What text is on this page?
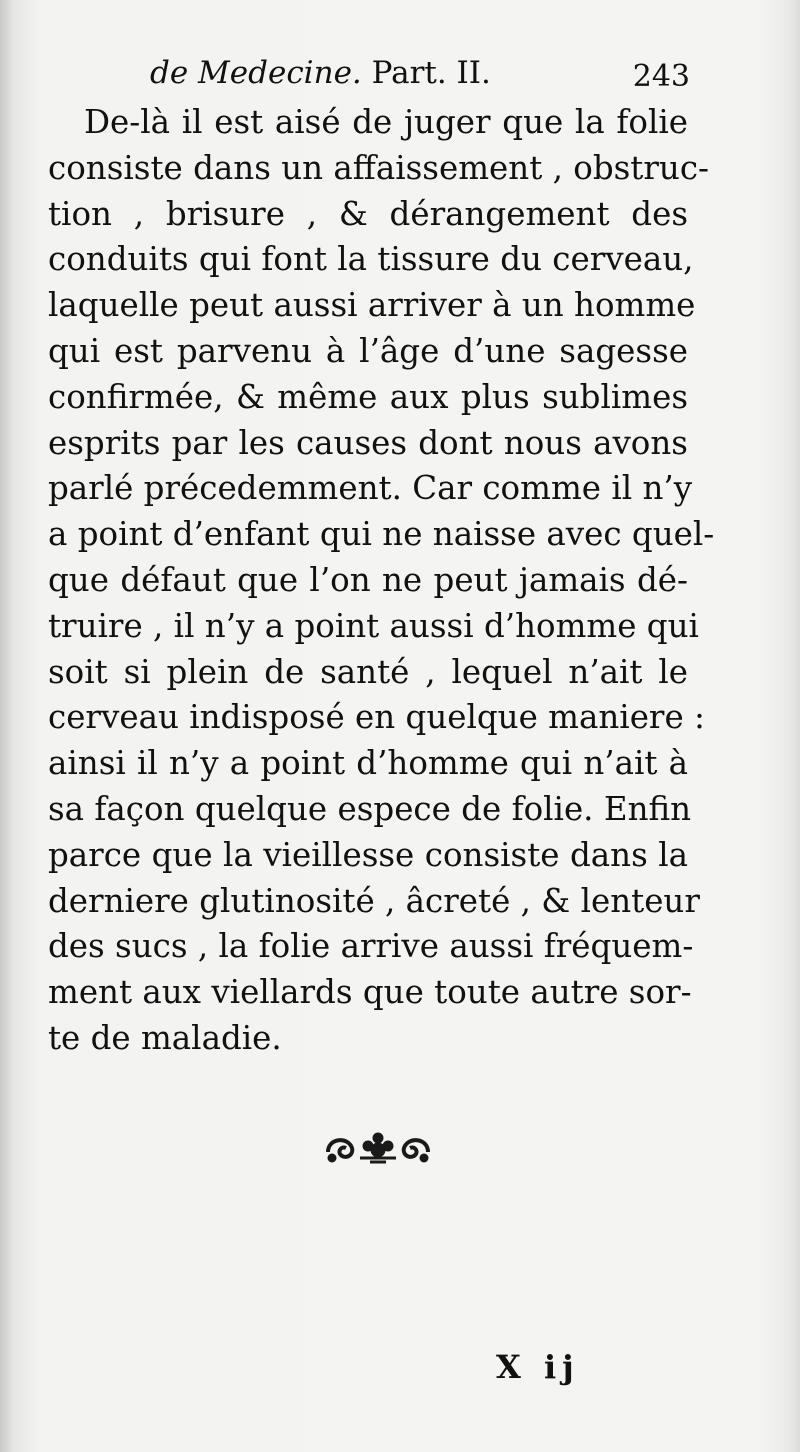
de Medecine. Part. II.	243
De-là il est aisé de juger que la folie
consiste dans un affaissement , obstruc-
tion , brisure , & dérangement des
conduits qui font la tissure du cerveau,
laquelle peut aussi arriver à un homme
qui est parvenu à l’âge d’une sagesse
confirmée, & même aux plus sublimes
esprits par les causes dont nous avons
parlé précedemment. Car comme il n’y
a point d’enfant qui ne naisse avec quel-
que défaut que l’on ne peut jamais dé-
truire , il n’y a point aussi d’homme qui
soit si plein de santé , lequel n’ait le
cerveau indisposé en quelque maniere :
ainsi il n’y a point d’homme qui n’ait à
sa façon quelque espece de folie. Enfin
parce que la vieillesse consiste dans la
derniere glutinosité , âcreté , & lenteur
des sucs , la folie arrive aussi fréquem-
ment aux viellards que toute autre sor-
te de maladie.
X ij
